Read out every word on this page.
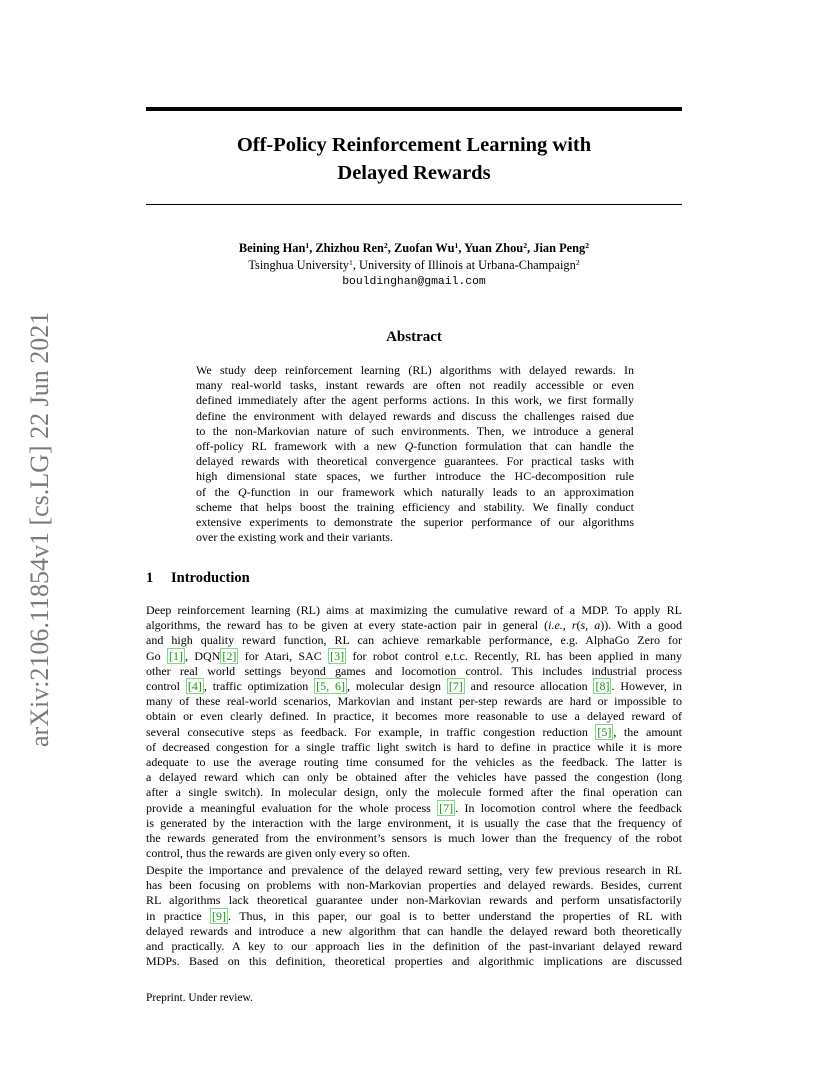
arXiv:2106.11854v1 [cs.LG] 22 Jun 2021
Off-Policy Reinforcement Learning with
Delayed Rewards
Beining Han$^1$, Zhizhou Ren$^2$, Zuofan Wu$^1$, Yuan Zhou$^2$, Jian Peng$^2$
Tsinghua University$^1$, University of Illinois at Urbana-Champaign$^2$
bouldinghan@gmail.com
Abstract
We study deep reinforcement learning (RL) algorithms with delayed rewards. In
many real-world tasks, instant rewards are often not readily accessible or even
defined immediately after the agent performs actions. In this work, we first formally
define the environment with delayed rewards and discuss the challenges raised due
to the non-Markovian nature of such environments. Then, we introduce a general
off-policy RL framework with a new Q-function formulation that can handle the
delayed rewards with theoretical convergence guarantees. For practical tasks with
high dimensional state spaces, we further introduce the HC-decomposition rule
of the Q-function in our framework which naturally leads to an approximation
scheme that helps boost the training efficiency and stability. We finally conduct
extensive experiments to demonstrate the superior performance of our algorithms
over the existing work and their variants.
1 Introduction
Deep reinforcement learning (RL) aims at maximizing the cumulative reward of a MDP. To apply RL
algorithms, the reward has to be given at every state-action pair in general (i.e., r(s, a)). With a good
and high quality reward function, RL can achieve remarkable performance, e.g. AlphaGo Zero for
Go [1] , DQN [2] for Atari, SAC [3] for robot control e.t.c. Recently, RL has been applied in many
other real world settings beyond games and locomotion control. This includes industrial process
control [4] , traffic optimization [5, 6] , molecular design [7] and resource allocation [8] . However, in
many of these real-world scenarios, Markovian and instant per-step rewards are hard or impossible to
obtain or even clearly defined. In practice, it becomes more reasonable to use a delayed reward of
several consecutive steps as feedback. For example, in traffic congestion reduction [5] , the amount
of decreased congestion for a single traffic light switch is hard to define in practice while it is more
adequate to use the average routing time consumed for the vehicles as the feedback. The latter is
a delayed reward which can only be obtained after the vehicles have passed the congestion (long
after a single switch). In molecular design, only the molecule formed after the final operation can
provide a meaningful evaluation for the whole process [7] . In locomotion control where the feedback
is generated by the interaction with the large environment, it is usually the case that the frequency of
the rewards generated from the environment’s sensors is much lower than the frequency of the robot
control, thus the rewards are given only every so often.
Despite the importance and prevalence of the delayed reward setting, very few previous research in RL
has been focusing on problems with non-Markovian properties and delayed rewards. Besides, current
RL algorithms lack theoretical guarantee under non-Markovian rewards and perform unsatisfactorily
in practice [9] . Thus, in this paper, our goal is to better understand the properties of RL with
delayed rewards and introduce a new algorithm that can handle the delayed reward both theoretically
and practically. A key to our approach lies in the definition of the past-invariant delayed reward
MDPs. Based on this definition, theoretical properties and algorithmic implications are discussed
Preprint. Under review.
